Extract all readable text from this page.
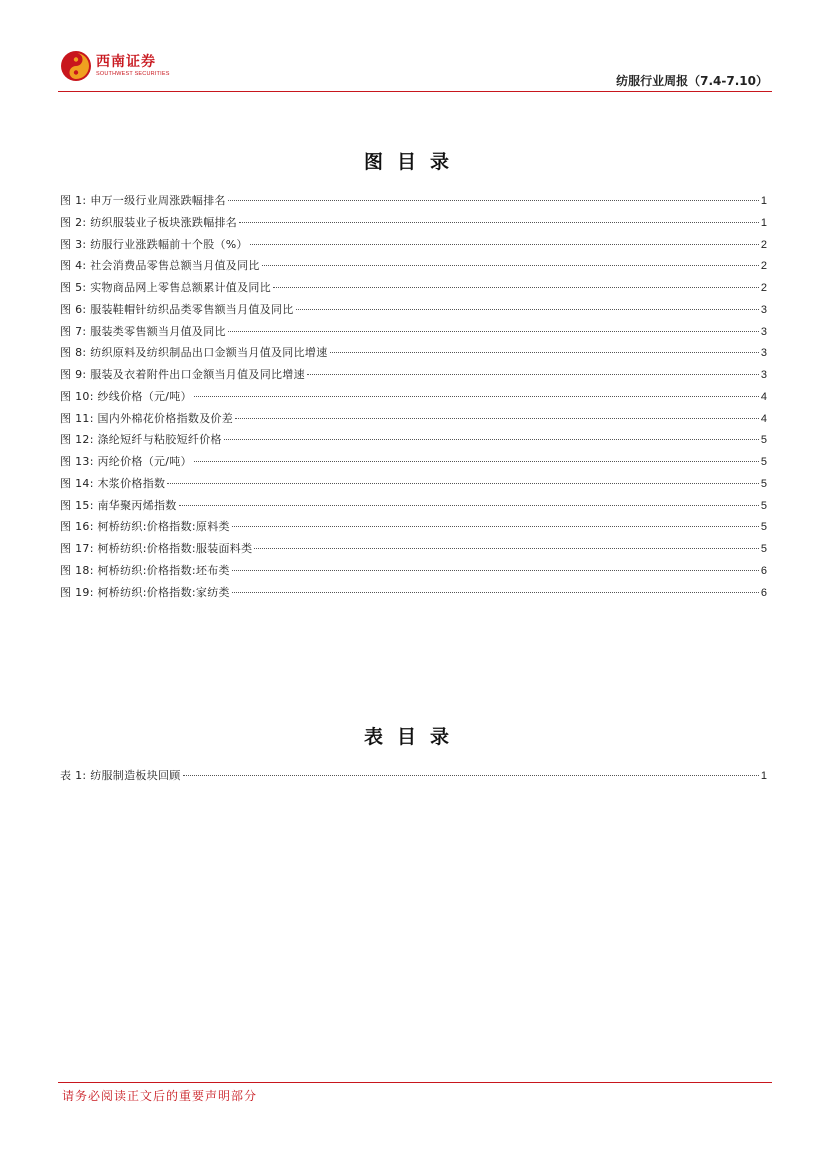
西南证券
SOUTHWEST SECURITIES
纺服行业周报（7.4-7.10）
图目录
图 1: 申万一级行业周涨跌幅排名	1
图 2: 纺织服装业子板块涨跌幅排名	1
图 3: 纺服行业涨跌幅前十个股（%）	2
图 4: 社会消费品零售总额当月值及同比	2
图 5: 实物商品网上零售总额累计值及同比	2
图 6: 服装鞋帽针纺织品类零售额当月值及同比	3
图 7: 服装类零售额当月值及同比	3
图 8: 纺织原料及纺织制品出口金额当月值及同比增速	3
图 9: 服装及衣着附件出口金额当月值及同比增速	3
图 10: 纱线价格（元/吨）	4
图 11: 国内外棉花价格指数及价差	4
图 12: 涤纶短纤与粘胶短纤价格	5
图 13: 丙纶价格（元/吨）	5
图 14: 木浆价格指数	5
图 15: 南华聚丙烯指数	5
图 16: 柯桥纺织:价格指数:原料类	5
图 17: 柯桥纺织:价格指数:服装面料类	5
图 18: 柯桥纺织:价格指数:坯布类	6
图 19: 柯桥纺织:价格指数:家纺类	6
表目录
表 1: 纺服制造板块回顾	1
请务必阅读正文后的重要声明部分
